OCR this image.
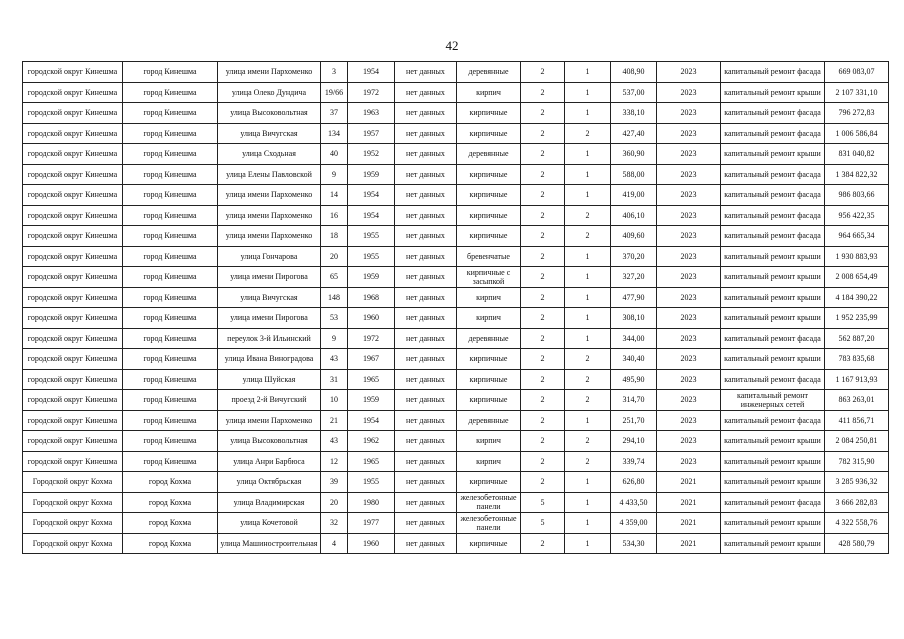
42
городской округ Кинешма	город Кинешма	улица имени Пархоменко	3	1954	нет данных	деревянные	2	1	408,90	2023	капитальный ремонт фасада	669 083,07
городской округ Кинешма	город Кинешма	улица Олеко Дундича	19/66	1972	нет данных	кирпич	2	1	537,00	2023	капитальный ремонт крыши	2 107 331,10
городской округ Кинешма	город Кинешма	улица Высоковольтная	37	1963	нет данных	кирпичные	2	1	338,10	2023	капитальный ремонт фасада	796 272,83
городской округ Кинешма	город Кинешма	улица Вичугская	134	1957	нет данных	кирпичные	2	2	427,40	2023	капитальный ремонт фасада	1 006 586,84
городской округ Кинешма	город Кинешма	улица Сходьная	40	1952	нет данных	деревянные	2	1	360,90	2023	капитальный ремонт крыши	831 040,82
городской округ Кинешма	город Кинешма	улица Елены Павловской	9	1959	нет данных	кирпичные	2	1	588,00	2023	капитальный ремонт фасада	1 384 822,32
городской округ Кинешма	город Кинешма	улица имени Пархоменко	14	1954	нет данных	кирпичные	2	1	419,00	2023	капитальный ремонт фасада	986 803,66
городской округ Кинешма	город Кинешма	улица имени Пархоменко	16	1954	нет данных	кирпичные	2	2	406,10	2023	капитальный ремонт фасада	956 422,35
городской округ Кинешма	город Кинешма	улица имени Пархоменко	18	1955	нет данных	кирпичные	2	2	409,60	2023	капитальный ремонт фасада	964 665,34
городской округ Кинешма	город Кинешма	улица Гончарова	20	1955	нет данных	бревенчатые	2	1	370,20	2023	капитальный ремонт крыши	1 930 883,93
городской округ Кинешма	город Кинешма	улица имени Пирогова	65	1959	нет данных	кирпичные с засыпкой	2	1	327,20	2023	капитальный ремонт крыши	2 008 654,49
городской округ Кинешма	город Кинешма	улица Вичугская	148	1968	нет данных	кирпич	2	1	477,90	2023	капитальный ремонт крыши	4 184 390,22
городской округ Кинешма	город Кинешма	улица имени Пирогова	53	1960	нет данных	кирпич	2	1	308,10	2023	капитальный ремонт крыши	1 952 235,99
городской округ Кинешма	город Кинешма	переулок 3-й Ильинский	9	1972	нет данных	деревянные	2	1	344,00	2023	капитальный ремонт фасада	562 887,20
городской округ Кинешма	город Кинешма	улица Ивана Виноградова	43	1967	нет данных	кирпичные	2	2	340,40	2023	капитальный ремонт крыши	783 835,68
городской округ Кинешма	город Кинешма	улица Шуйская	31	1965	нет данных	кирпичные	2	2	495,90	2023	капитальный ремонт фасада	1 167 913,93
городской округ Кинешма	город Кинешма	проезд 2-й Вичугский	10	1959	нет данных	кирпичные	2	2	314,70	2023	капитальный ремонт инженерных сетей	863 263,01
городской округ Кинешма	город Кинешма	улица имени Пархоменко	21	1954	нет данных	деревянные	2	1	251,70	2023	капитальный ремонт фасада	411 856,71
городской округ Кинешма	город Кинешма	улица Высоковольтная	43	1962	нет данных	кирпич	2	2	294,10	2023	капитальный ремонт крыши	2 084 250,81
городской округ Кинешма	город Кинешма	улица Анри Барбюса	12	1965	нет данных	кирпич	2	2	339,74	2023	капитальный ремонт крыши	782 315,90
Городской округ Кохма	город Кохма	улица Октябрьская	39	1955	нет данных	кирпичные	2	1	626,80	2021	капитальный ремонт крыши	3 285 936,32
Городской округ Кохма	город Кохма	улица Владимирская	20	1980	нет данных	железобетонные панели	5	1	4 433,50	2021	капитальный ремонт фасада	3 666 282,83
Городской округ Кохма	город Кохма	улица Кочетовой	32	1977	нет данных	железобетонные панели	5	1	4 359,00	2021	капитальный ремонт крыши	4 322 558,76
Городской округ Кохма	город Кохма	улица Машиностроительная	4	1960	нет данных	кирпичные	2	1	534,30	2021	капитальный ремонт крыши	428 580,79
